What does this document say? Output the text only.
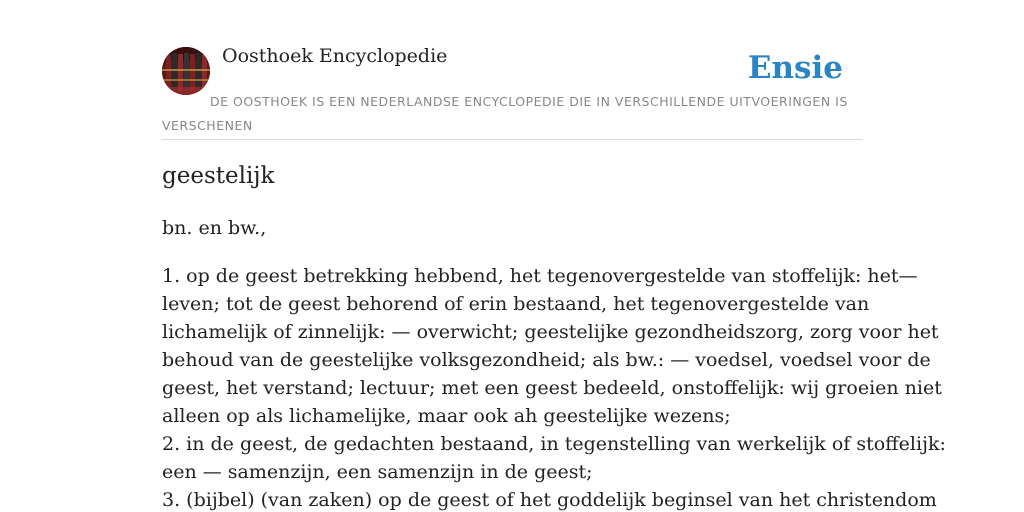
Oosthoek Encyclopedie	Ensie
DE OOSTHOEK IS EEN NEDERLANDSE ENCYCLOPEDIE DIE IN VERSCHILLENDE UITVOERINGEN IS VERSCHENEN
geestelijk
bn. en bw.,
1. op de geest betrekking hebbend, het tegenovergestelde van stoffelijk: het—
leven; tot de geest behorend of erin bestaand, het tegenovergestelde van
lichamelijk of zinnelijk: — overwicht; geestelijke gezondheidszorg, zorg voor het
behoud van de geestelijke volksgezondheid; als bw.: — voedsel, voedsel voor de
geest, het verstand; lectuur; met een geest bedeeld, onstoffelijk: wij groeien niet
alleen op als lichamelijke, maar ook ah geestelijke wezens;
2. in de geest, de gedachten bestaand, in tegenstelling van werkelijk of stoffelijk:
een — samenzijn, een samenzijn in de geest;
3. (bijbel) (van zaken) op de geest of het goddelijk beginsel van het christendom
